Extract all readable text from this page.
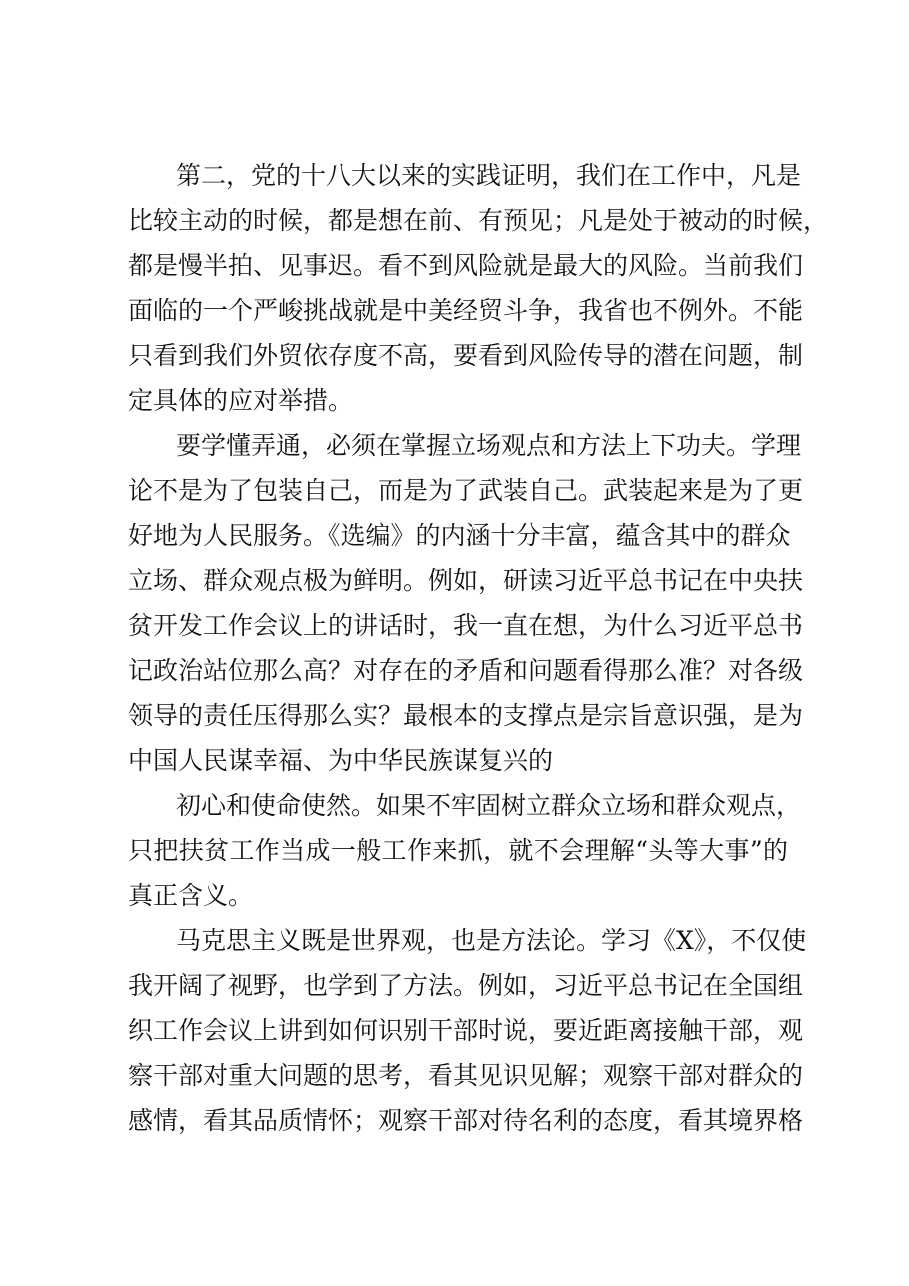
第二，党的十八大以来的实践证明，我们在工作中，凡是
比较主动的时候，都是想在前、有预见；凡是处于被动的时候，
都是慢半拍、见事迟。看不到风险就是最大的风险。当前我们
面临的一个严峻挑战就是中美经贸斗争，我省也不例外。不能
只看到我们外贸依存度不高，要看到风险传导的潜在问题，制
定具体的应对举措。
要学懂弄通，必须在掌握立场观点和方法上下功夫。学理
论不是为了包装自己，而是为了武装自己。武装起来是为了更
好地为人民服务。《选编》的内涵十分丰富，蕴含其中的群众
立场、群众观点极为鲜明。例如，研读习近平总书记在中央扶
贫开发工作会议上的讲话时，我一直在想，为什么习近平总书
记政治站位那么高？对存在的矛盾和问题看得那么准？对各级
领导的责任压得那么实？最根本的支撑点是宗旨意识强，是为
中国人民谋幸福、为中华民族谋复兴的
初心和使命使然。如果不牢固树立群众立场和群众观点，
只把扶贫工作当成一般工作来抓，就不会理解“头等大事”的
真正含义。
马克思主义既是世界观，也是方法论。学习《X》，不仅使
我开阔了视野，也学到了方法。例如，习近平总书记在全国组
织工作会议上讲到如何识别干部时说，要近距离接触干部，观
察干部对重大问题的思考，看其见识见解；观察干部对群众的
感情，看其品质情怀；观察干部对待名利的态度，看其境界格
